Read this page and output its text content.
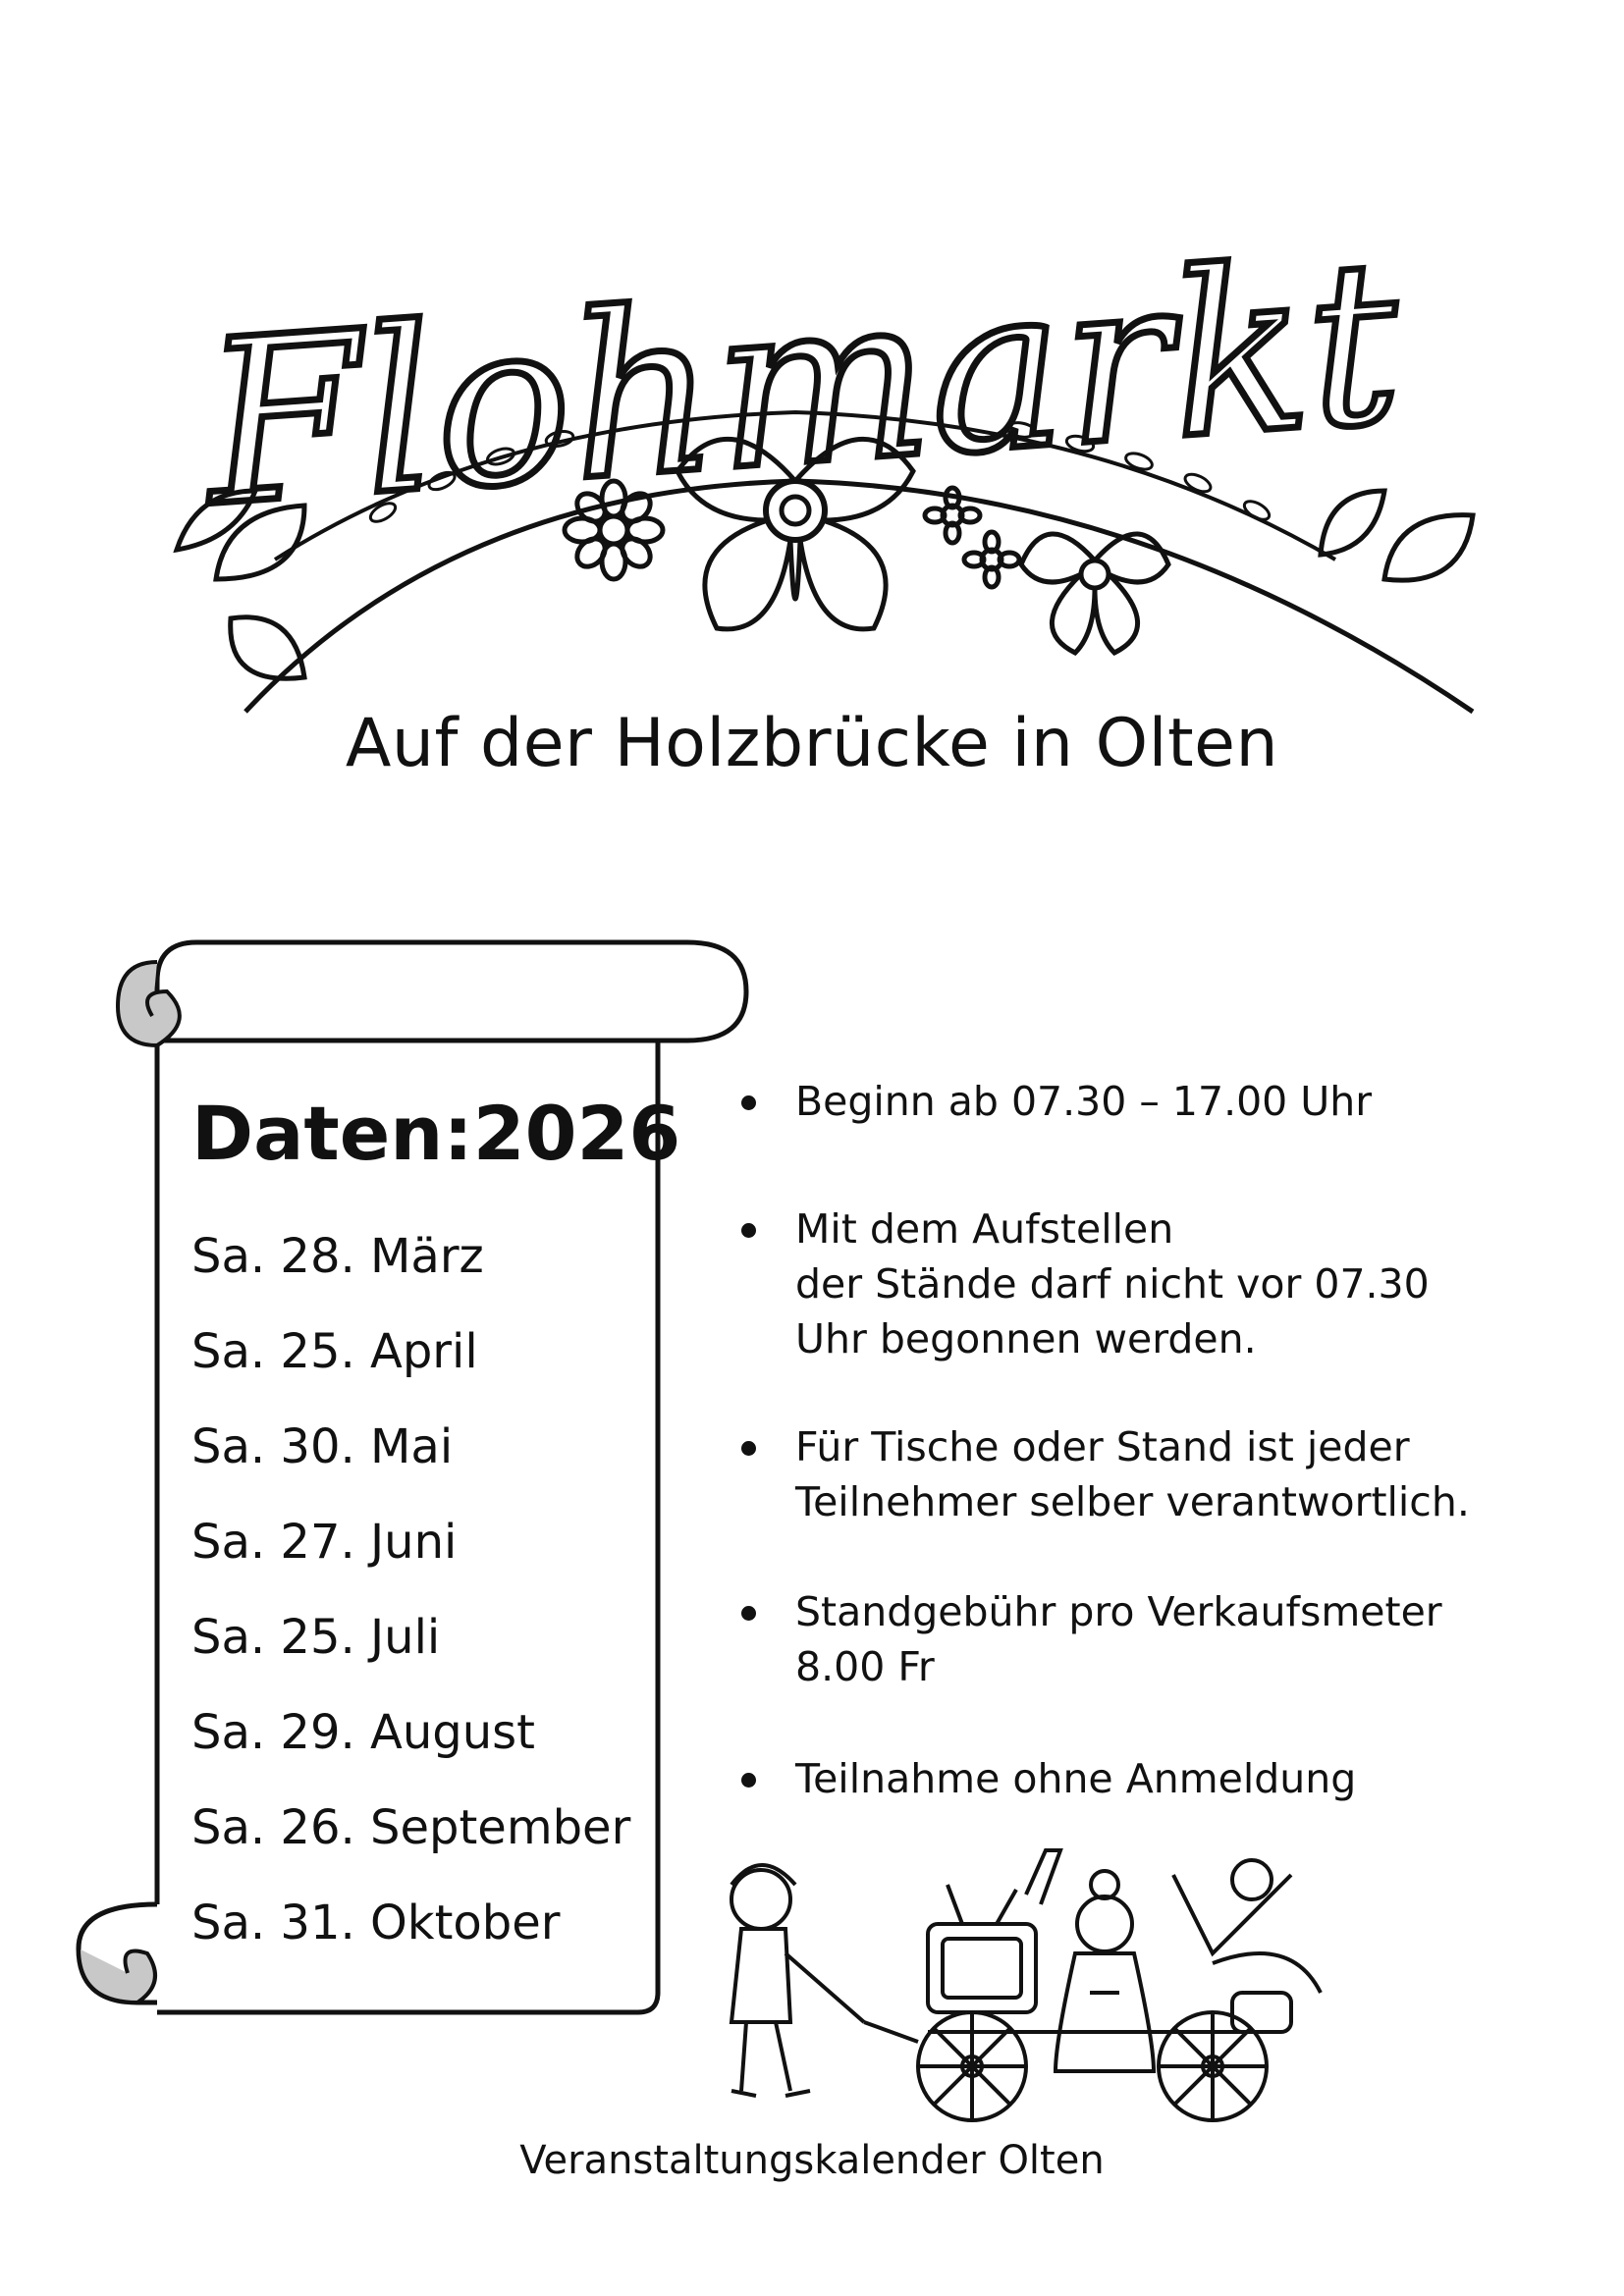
Flohmarkt
Auf der Holzbrücke in Olten
Daten:2026
Sa. 28. März
Sa. 25. April
Sa. 30. Mai
Sa. 27. Juni
Sa. 25. Juli
Sa. 29. August
Sa. 26. September
Sa. 31. Oktober
Beginn ab 07.30 – 17.00 Uhr
Mit dem Aufstellen
der Stände darf nicht vor 07.30
Uhr begonnen werden.
Für Tische oder Stand ist jeder
Teilnehmer selber verantwortlich.
Standgebühr pro Verkaufsmeter
8.00 Fr
Teilnahme ohne Anmeldung
Veranstaltungskalender Olten
